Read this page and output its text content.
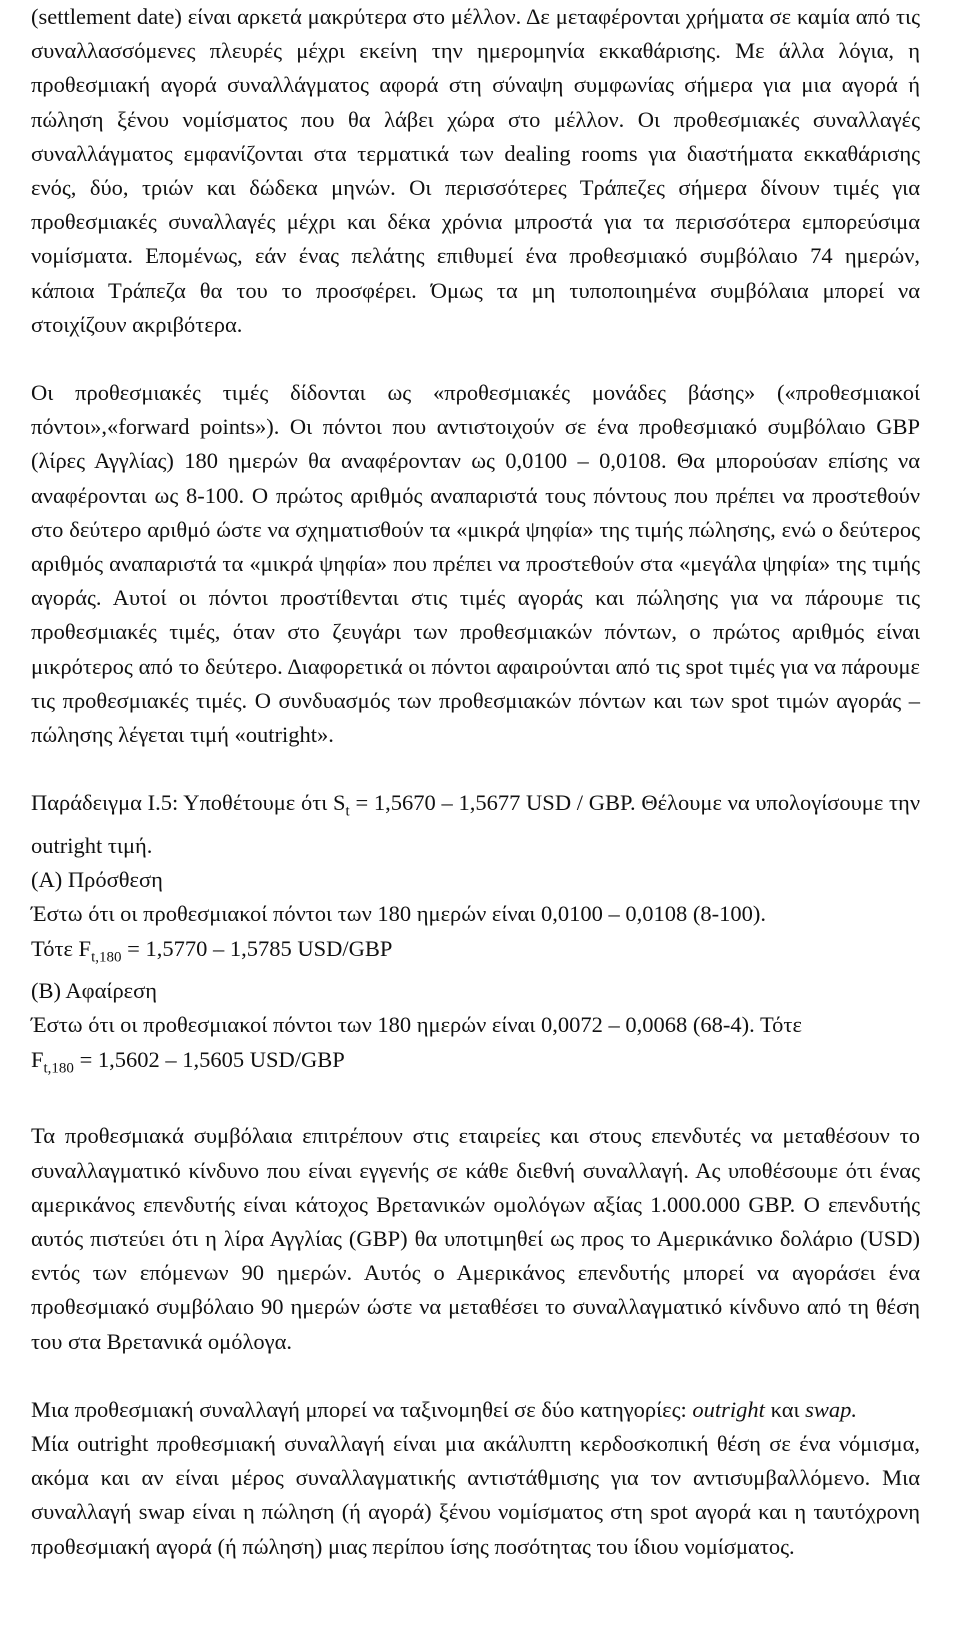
(settlement date) είναι αρκετά μακρύτερα στο μέλλον. Δε μεταφέρονται χρήματα σε καμία από τις συναλλασσόμενες πλευρές μέχρι εκείνη την ημερομηνία εκκαθάρισης. Με άλλα λόγια, η προθεσμιακή αγορά συναλλάγματος αφορά στη σύναψη συμφωνίας σήμερα για μια αγορά ή πώληση ξένου νομίσματος που θα λάβει χώρα στο μέλλον. Οι προθεσμιακές συναλλαγές συναλλάγματος εμφανίζονται στα τερματικά των dealing rooms για διαστήματα εκκαθάρισης ενός, δύο, τριών και δώδεκα μηνών. Οι περισσότερες Τράπεζες σήμερα δίνουν τιμές για προθεσμιακές συναλλαγές μέχρι και δέκα χρόνια μπροστά για τα περισσότερα εμπορεύσιμα νομίσματα. Επομένως, εάν ένας πελάτης επιθυμεί ένα προθεσμιακό συμβόλαιο 74 ημερών, κάποια Τράπεζα θα του το προσφέρει. Όμως τα μη τυποποιημένα συμβόλαια μπορεί να στοιχίζουν ακριβότερα.

Οι προθεσμιακές τιμές δίδονται ως «προθεσμιακές μονάδες βάσης» («προθεσμιακοί πόντοι»,«forward points»). Οι πόντοι που αντιστοιχούν σε ένα προθεσμιακό συμβόλαιο GBP (λίρες Αγγλίας) 180 ημερών θα αναφέρονταν ως 0,0100 – 0,0108. Θα μπορούσαν επίσης να αναφέρονται ως 8-100. Ο πρώτος αριθμός αναπαριστά τους πόντους που πρέπει να προστεθούν στο δεύτερο αριθμό ώστε να σχηματισθούν τα «μικρά ψηφία» της τιμής πώλησης, ενώ ο δεύτερος αριθμός αναπαριστά τα «μικρά ψηφία» που πρέπει να προστεθούν στα «μεγάλα ψηφία» της τιμής αγοράς. Αυτοί οι πόντοι προστίθενται στις τιμές αγοράς και πώλησης για να πάρουμε τις προθεσμιακές τιμές, όταν στο ζευγάρι των προθεσμιακών πόντων, ο πρώτος αριθμός είναι μικρότερος από το δεύτερο. Διαφορετικά οι πόντοι αφαιρούνται από τις spot τιμές για να πάρουμε τις προθεσμιακές τιμές. Ο συνδυασμός των προθεσμιακών πόντων και των spot τιμών αγοράς – πώλησης λέγεται τιμή «outright».

Παράδειγμα Ι.5: Υποθέτουμε ότι $S_t = 1,5670 - 1,5677$ USD / GBP. Θέλουμε να υπολογίσουμε την outright τιμή.

(Α) Πρόσθεση

Έστω ότι οι προθεσμιακοί πόντοι των 180 ημερών είναι 0,0100 – 0,0108 (8-100).

Τότε $F_{t,180} = 1,5770 - 1,5785$ USD/GBP

(Β) Αφαίρεση

Έστω ότι οι προθεσμιακοί πόντοι των 180 ημερών είναι 0,0072 – 0,0068 (68-4). Τότε

$F_{t,180} = 1,5602 - 1,5605$ USD/GBP

Τα προθεσμιακά συμβόλαια επιτρέπουν στις εταιρείες και στους επενδυτές να μεταθέσουν το συναλλαγματικό κίνδυνο που είναι εγγενής σε κάθε διεθνή συναλλαγή. Ας υποθέσουμε ότι ένας αμερικάνος επενδυτής είναι κάτοχος Βρετανικών ομολόγων αξίας 1.000.000 GBP. Ο επενδυτής αυτός πιστεύει ότι η λίρα Αγγλίας (GBP) θα υποτιμηθεί ως προς το Αμερικάνικο δολάριο (USD) εντός των επόμενων 90 ημερών. Αυτός ο Αμερικάνος επενδυτής μπορεί να αγοράσει ένα προθεσμιακό συμβόλαιο 90 ημερών ώστε να μεταθέσει το συναλλαγματικό κίνδυνο από τη θέση του στα Βρετανικά ομόλογα.

Μια προθεσμιακή συναλλαγή μπορεί να ταξινομηθεί σε δύο κατηγορίες: outright και swap.

Μία outright προθεσμιακή συναλλαγή είναι μια ακάλυπτη κερδοσκοπική θέση σε ένα νόμισμα, ακόμα και αν είναι μέρος συναλλαγματικής αντιστάθμισης για τον αντισυμβαλλόμενο. Μια συναλλαγή swap είναι η πώληση (ή αγορά) ξένου νομίσματος στη spot αγορά και η ταυτόχρονη προθεσμιακή αγορά (ή πώληση) μιας περίπου ίσης ποσότητας του ίδιου νομίσματος.
